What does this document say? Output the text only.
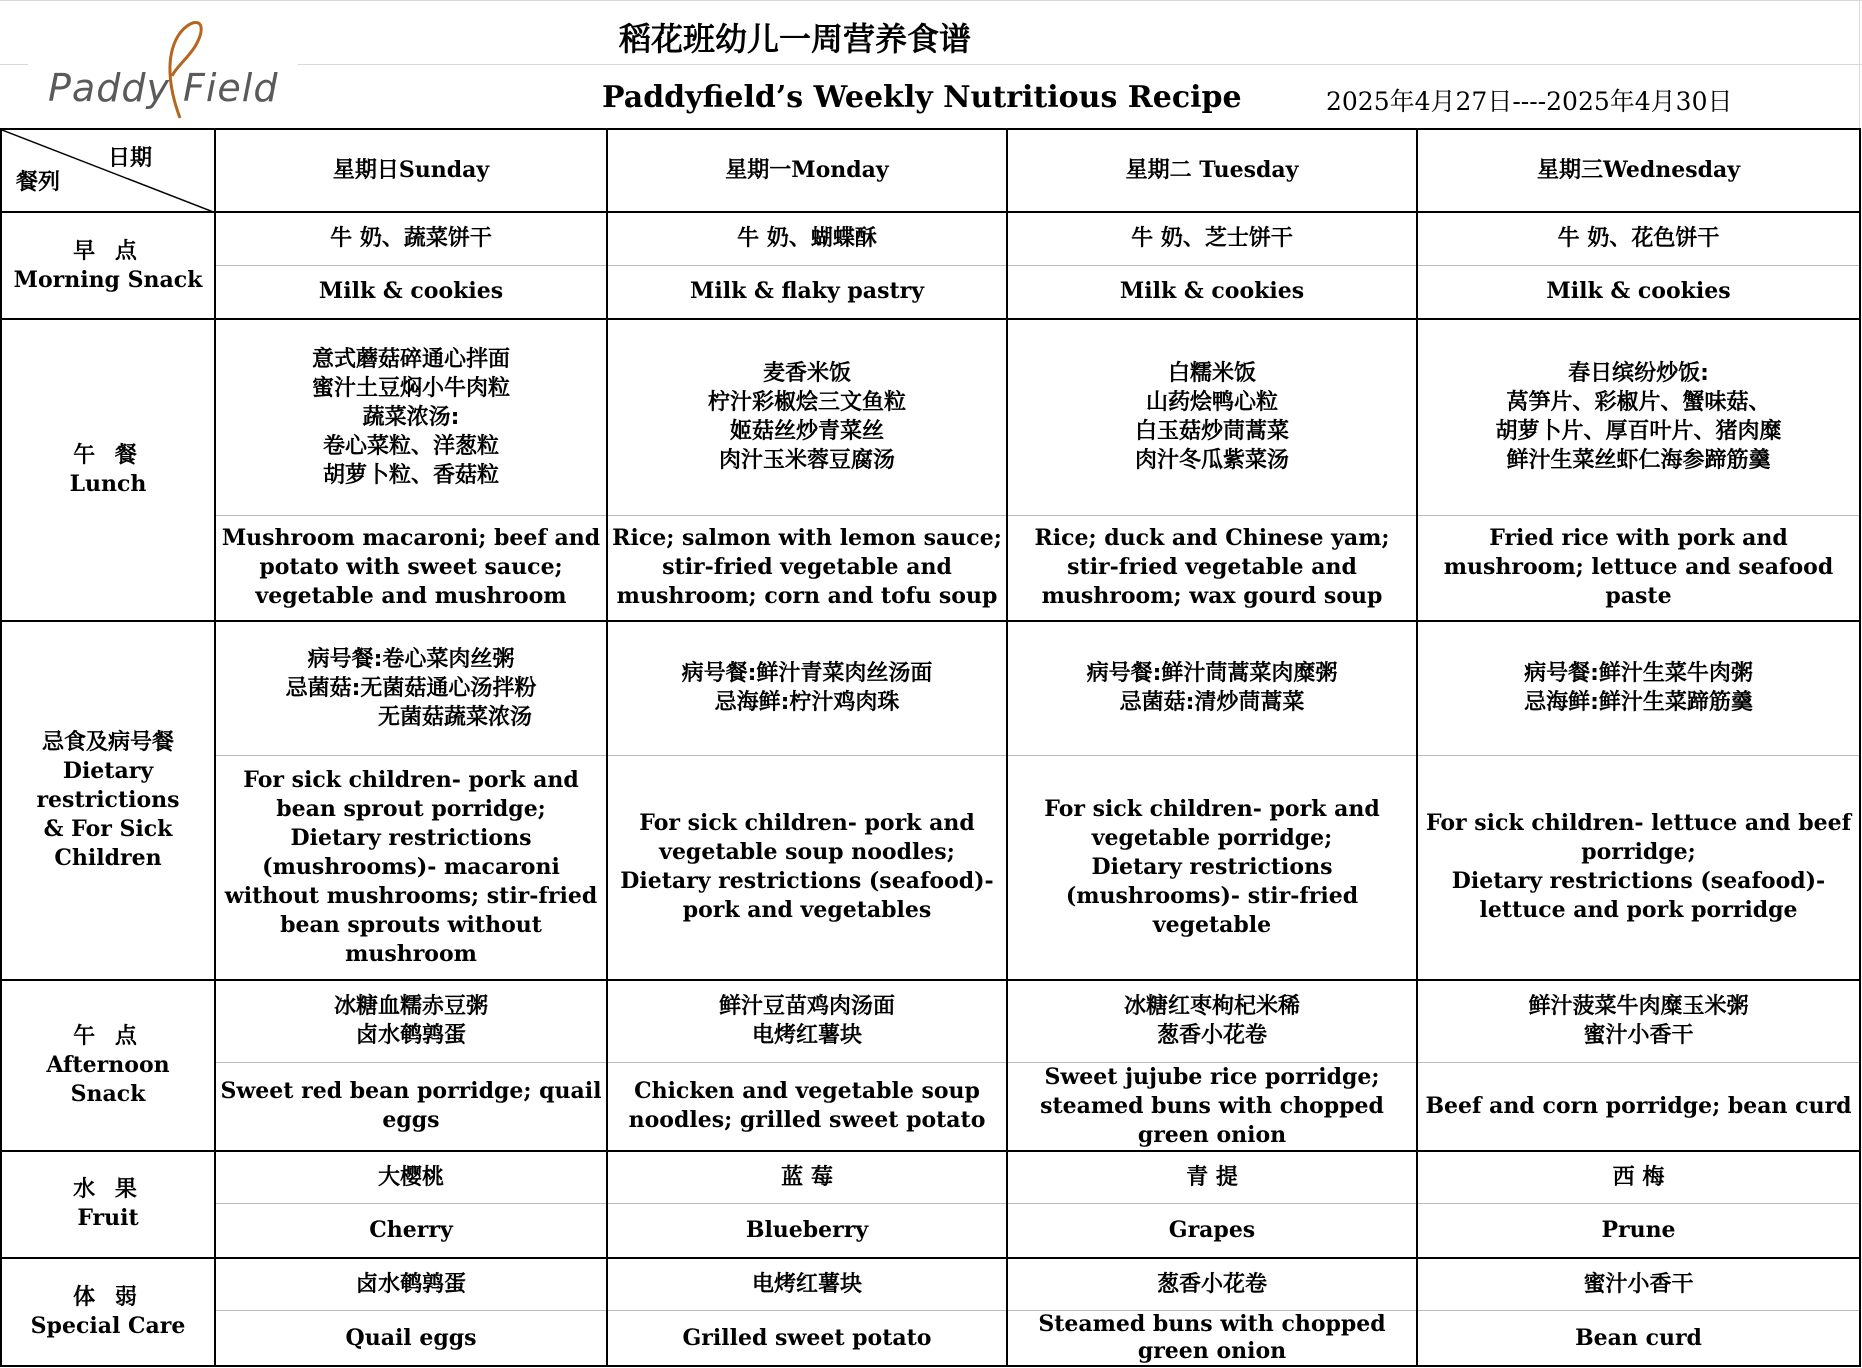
Paddy Field
稻花班幼儿一周营养食谱
Paddyfield’s Weekly Nutritious Recipe	2025年4月27日----2025年4月30日
日期
餐列	星期日Sunday	星期一Monday	星期二 Tuesday	星期三Wednesday

早 点
Morning Snack	牛 奶、蔬菜饼干	牛 奶、蝴蝶酥	牛 奶、芝士饼干	牛 奶、花色饼干
	Milk & cookies	Milk & flaky pastry	Milk & cookies	Milk & cookies

午 餐
Lunch	意式蘑菇碎通心拌面
蜜汁土豆焖小牛肉粒
蔬菜浓汤:
卷心菜粒、洋葱粒
胡萝卜粒、香菇粒	麦香米饭
柠汁彩椒烩三文鱼粒
姬菇丝炒青菜丝
肉汁玉米蓉豆腐汤	白糯米饭
山药烩鸭心粒
白玉菇炒茼蒿菜
肉汁冬瓜紫菜汤	春日缤纷炒饭:
莴笋片、彩椒片、蟹味菇、
胡萝卜片、厚百叶片、猪肉糜
鲜汁生菜丝虾仁海参蹄筋羹

	Mushroom macaroni; beef and potato with sweet sauce; vegetable and mushroom	Rice; salmon with lemon sauce; stir-fried vegetable and mushroom; corn and tofu soup	Rice; duck and Chinese yam; stir-fried vegetable and mushroom; wax gourd soup	Fried rice with pork and mushroom; lettuce and seafood paste

忌食及病号餐
Dietary restrictions
& For Sick
Children	病号餐:卷心菜肉丝粥
忌菌菇:无菌菇通心汤拌粉
　　　　无菌菇蔬菜浓汤	病号餐:鲜汁青菜肉丝汤面
忌海鲜:柠汁鸡肉珠	病号餐:鲜汁茼蒿菜肉糜粥
忌菌菇:清炒茼蒿菜	病号餐:鲜汁生菜牛肉粥
忌海鲜:鲜汁生菜蹄筋羹

	For sick children- pork and bean sprout porridge;
Dietary restrictions (mushrooms)- macaroni without mushrooms; stir-fried bean sprouts without mushroom	For sick children- pork and vegetable soup noodles;
Dietary restrictions (seafood)- pork and vegetables	For sick children- pork and vegetable porridge;
Dietary restrictions (mushrooms)- stir-fried vegetable	For sick children- lettuce and beef porridge;
Dietary restrictions (seafood)- lettuce and pork porridge

午 点
Afternoon Snack	冰糖血糯赤豆粥
卤水鹌鹑蛋	鲜汁豆苗鸡肉汤面
电烤红薯块	冰糖红枣枸杞米稀
葱香小花卷	鲜汁菠菜牛肉糜玉米粥
蜜汁小香干

	Sweet red bean porridge; quail eggs	Chicken and vegetable soup noodles; grilled sweet potato	Sweet jujube rice porridge; steamed buns with chopped green onion	Beef and corn porridge; bean curd

水 果
Fruit	大樱桃	蓝 莓	青 提	西 梅
	Cherry	Blueberry	Grapes	Prune

体 弱
Special Care	卤水鹌鹑蛋	电烤红薯块	葱香小花卷	蜜汁小香干
	Quail eggs	Grilled sweet potato	Steamed buns with chopped green onion	Bean curd
